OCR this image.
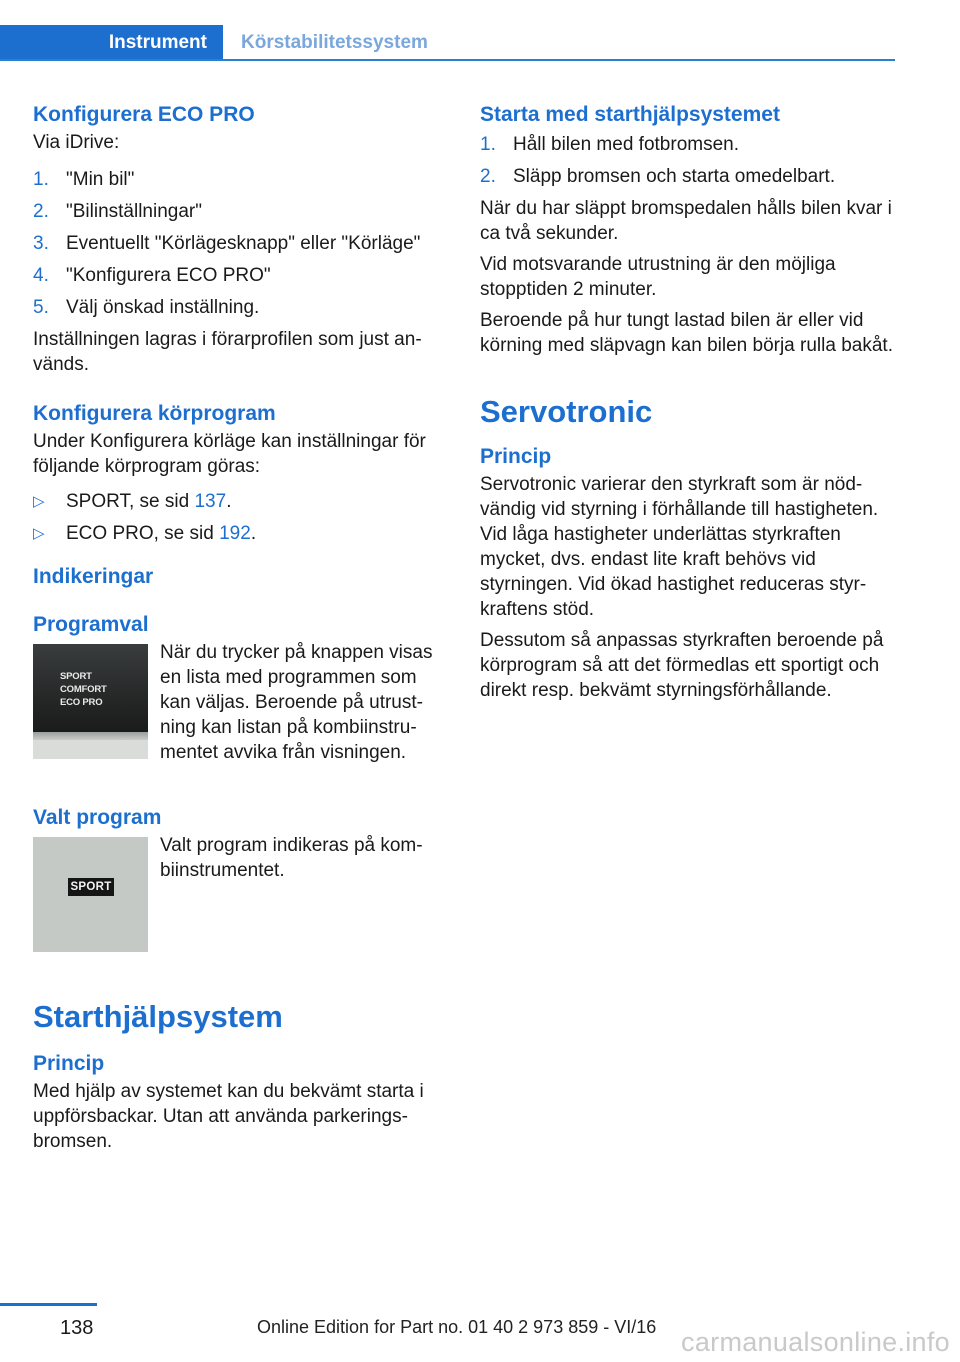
Instrument	Körstabilitetssystem
Konfigurera ECO PRO

Via iDrive:

1. "Min bil"
2. "Bilinställningar"
3. Eventuellt "Körlägesknapp" eller "Körläge"
4. "Konfigurera ECO PRO"
5. Välj önskad inställning.

Inställningen lagras i förarprofilen som just används.

Konfigurera körprogram

Under Konfigurera körläge kan inställningar för följande körprogram göras:

▷	SPORT, se sid 137.
▷	ECO PRO, se sid 192.
Indikeringar
Programval
SPORT
COMFORT
ECO PRO
När du trycker på knappen visas en lista med programmen som kan väljas. Beroende på utrustning kan listan på kombiinstrumentet avvika från visningen.
Valt program
SPORT
Valt program indikeras på kombiinstrumentet.
Starthjälpsystem
Princip

Med hjälp av systemet kan du bekvämt starta i uppförsbackar. Utan att använda parkeringsbromsen.

Starta med starthjälpsystemet
1. Håll bilen med fotbromsen.
2. Släpp bromsen och starta omedelbart.

När du har släppt bromspedalen hålls bilen kvar i ca två sekunder.

Vid motsvarande utrustning är den möjliga stopptiden 2 minuter.

Beroende på hur tungt lastad bilen är eller vid körning med släpvagn kan bilen börja rulla bakåt.

Servotronic
Princip

Servotronic varierar den styrkraft som är nödvändig vid styrning i förhållande till hastigheten. Vid låga hastigheter underlättas styrkraften mycket, dvs. endast lite kraft behövs vid styrningen. Vid ökad hastighet reduceras styrkraftens stöd.

Dessutom så anpassas styrkraften beroende på körprogram så att det förmedlas ett sportigt och direkt resp. bekvämt styrningsförhållande.

138	Online Edition for Part no. 01 40 2 973 859 - VI/16 carmanualsonline.info
